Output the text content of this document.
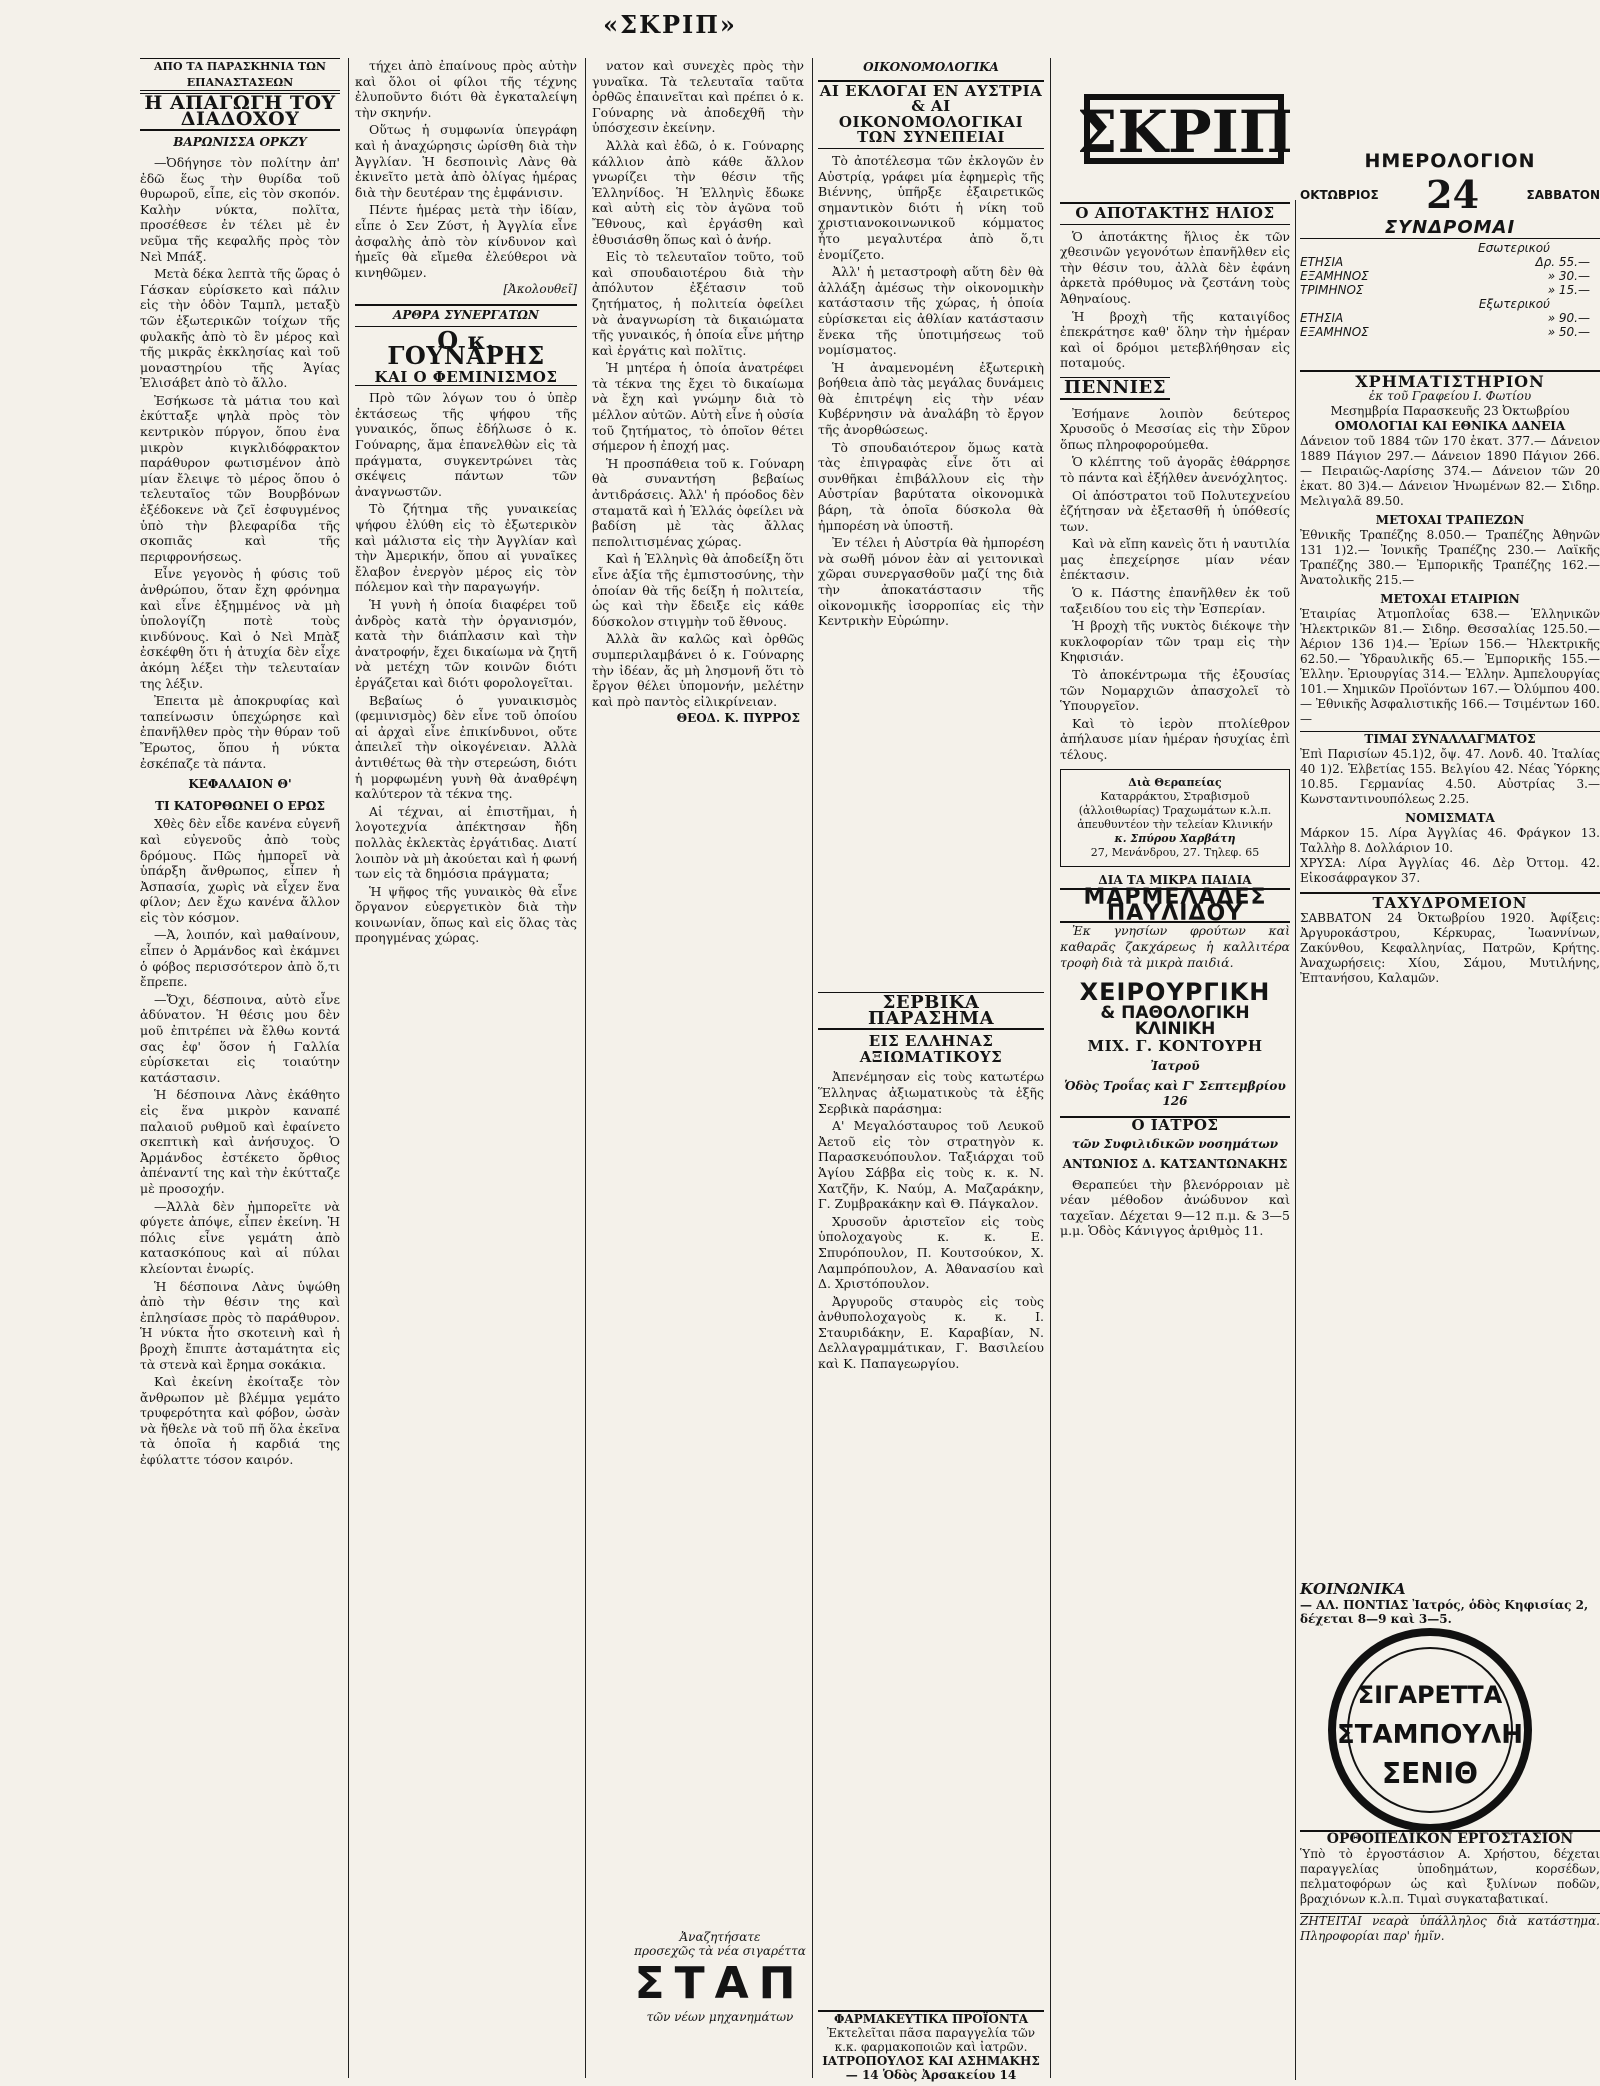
«ΣΚΡΙΠ»
ΑΠΟ ΤΑ ΠΑΡΑΣΚΗΝΙΑ ΤΩΝ ΕΠΑΝΑΣΤΑΣΕΩΝ
Η ΑΠΑΓΩΓΗ ΤΟΥ ΔΙΑΔΟΧΟΥ
ΒΑΡΩΝΙΣΣΑ ΟΡΚΖΥ

—Ὀδήγησε τὸν πολίτην ἀπ' ἐδῶ ἕως τὴν θυρίδα τοῦ θυρωροῦ, εἶπε, εἰς τὸν σκοπόν. Καλὴν νύκτα, πολῖτα, προσέθεσε ἐν τέλει μὲ ἐν νεῦμα τῆς κεφαλῆς πρὸς τὸν Νεὶ Μπάξ.

Μετὰ δέκα λεπτὰ τῆς ὥρας ὁ Γάσκαν εὑρίσκετο καὶ πάλιν εἰς τὴν ὁδὸν Ταμπλ, μεταξὺ τῶν ἐξωτερικῶν τοίχων τῆς φυλακῆς ἀπὸ τὸ ἓν μέρος καὶ τῆς μικρᾶς ἐκκλησίας καὶ τοῦ μοναστηρίου τῆς Ἁγίας Ἐλισάβετ ἀπὸ τὸ ἄλλο.

Ἐσήκωσε τὰ μάτια του καὶ ἐκύτταξε ψηλὰ πρὸς τὸν κεντρικὸν πύργον, ὅπου ἐνα μικρὸν κιγκλιδόφρακτον παράθυρον φωτισμένον ἀπὸ μίαν ἔλειψε τὸ μέρος ὅπου ὁ τελευταῖος τῶν Βουρβόνων ἐξέδοκενε νὰ ζεῖ ἐσφυγμένος ὑπὸ τὴν βλεφαρίδα τῆς σκοπιᾶς καὶ τῆς περιφρονήσεως.

Εἶνε γεγονὸς ἡ φύσις τοῦ ἀνθρώπου, ὅταν ἔχη φρόνημα καὶ εἶνε ἐξημμένος νὰ μὴ ὑπολογίζη ποτὲ τοὺς κινδύνους. Καὶ ὁ Νεὶ Μπὰξ ἐσκέφθη ὅτι ἡ ἀτυχία δὲν εἶχε ἀκόμη λέξει τὴν τελευταίαν της λέξιν.

Ἐπειτα μὲ ἀποκρυφίας καὶ ταπείνωσιν ὑπεχώρησε καὶ ἐπανῆλθεν πρὸς τὴν θύραν τοῦ Ἔρωτος, ὅπου ἡ νύκτα ἐσκέπαζε τὰ πάντα.

ΚΕΦΑΛΑΙΟΝ Θ'
ΤΙ ΚΑΤΟΡΘΩΝΕΙ Ο ΕΡΩΣ

Χθὲς δὲν εἶδε κανένα εὐγενῆ καὶ εὐγενοῦς ἀπὸ τοὺς δρόμους. Πῶς ἠμπορεῖ νὰ ὑπάρξη ἄνθρωπος, εἶπεν ἡ Ἀσπασία, χωρὶς νὰ εἶχεν ἕνα φίλον; Δεν ἔχω κανένα ἄλλον εἰς τὸν κόσμον.

—Ἀ, λοιπόν, καὶ μαθαίνουν, εἶπεν ὁ Ἀρμάνδος καὶ ἐκάμνει ὁ φόβος περισσότερον ἀπὸ ὅ,τι ἔπρεπε.

—Ὄχι, δέσποινα, αὐτὸ εἶνε ἀδύνατον. Ἡ θέσις μου δὲν μοῦ ἐπιτρέπει νὰ ἔλθω κοντά σας ἐφ' ὅσον ἡ Γαλλία εὑρίσκεται εἰς τοιαύτην κατάστασιν.

Ἡ δέσποινα Λὰνς ἐκάθητο εἰς ἕνα μικρὸν καναπέ παλαιοῦ ρυθμοῦ καὶ ἐφαίνετο σκεπτικὴ καὶ ἀνήσυχος. Ὁ Ἀρμάνδος ἐστέκετο ὄρθιος ἀπέναντί της καὶ τὴν ἐκύτταζε μὲ προσοχήν.

—Ἀλλὰ δὲν ἠμπορεῖτε νὰ φύγετε ἀπόψε, εἶπεν ἐκείνη. Ἡ πόλις εἶνε γεμάτη ἀπὸ κατασκόπους καὶ αἱ πύλαι κλείονται ἐνωρίς.

Ἡ δέσποινα Λὰνς ὑψώθη ἀπὸ τὴν θέσιν της καὶ ἐπλησίασε πρὸς τὸ παράθυρον. Ἡ νύκτα ἦτο σκοτεινὴ καὶ ἡ βροχὴ ἔπιπτε ἀσταμάτητα εἰς τὰ στενὰ καὶ ἔρημα σοκάκια.

Καὶ ἐκείνη ἐκοίταξε τὸν ἄνθρωπον μὲ βλέμμα γεμάτο τρυφερότητα καὶ φόβον, ὡσὰν νὰ ἤθελε νὰ τοῦ πῆ ὅλα ἐκεῖνα τὰ ὁποῖα ἡ καρδιά της ἐφύλαττε τόσον καιρόν.

τήχει ἀπὸ ἐπαίνους πρὸς αὐτὴν καὶ ὅλοι οἱ φίλοι τῆς τέχνης ἐλυποῦντο διότι θὰ ἐγκαταλείψη τὴν σκηνήν.

Οὕτως ἡ συμφωνία ὑπεγράφη καὶ ἡ ἀναχώρησις ὡρίσθη διὰ τὴν Ἀγγλίαν. Ἡ δεσποινὶς Λὰνς θὰ ἐκινεῖτο μετὰ ἀπὸ ὀλίγας ἡμέρας διὰ τὴν δευτέραν της ἐμφάνισιν.

Πέντε ἡμέρας μετὰ τὴν ἰδίαν, εἶπε ὁ Σεν Ζύστ, ἡ Ἀγγλία εἶνε ἀσφαλὴς ἀπὸ τὸν κίνδυνον καὶ ἡμεῖς θὰ εἴμεθα ἐλεύθεροι νὰ κινηθῶμεν.

[Ἀκολουθεῖ]
ΑΡΘΡΑ ΣΥΝΕΡΓΑΤΩΝ
Ο κ. ΓΟΥΝΑΡΗΣ
ΚΑΙ Ο ΦΕΜΙΝΙΣΜΟΣ

Πρὸ τῶν λόγων του ὁ ὑπὲρ ἐκτάσεως τῆς ψήφου τῆς γυναικός, ὅπως ἐδήλωσε ὁ κ. Γούναρης, ἅμα ἐπανελθὼν εἰς τὰ πράγματα, συγκεντρώνει τὰς σκέψεις πάντων τῶν ἀναγνωστῶν.

Τὸ ζήτημα τῆς γυναικείας ψήφου ἐλύθη εἰς τὸ ἐξωτερικὸν καὶ μάλιστα εἰς τὴν Ἀγγλίαν καὶ τὴν Ἀμερικήν, ὅπου αἱ γυναῖκες ἔλαβον ἐνεργὸν μέρος εἰς τὸν πόλεμον καὶ τὴν παραγωγήν.

Ἡ γυνὴ ἡ ὁποία διαφέρει τοῦ ἀνδρὸς κατὰ τὴν ὀργανισμόν, κατὰ τὴν διάπλασιν καὶ τὴν ἀνατροφήν, ἔχει δικαίωμα νὰ ζητῆ νὰ μετέχη τῶν κοινῶν διότι ἐργάζεται καὶ διότι φορολογεῖται.

Βεβαίως ὁ γυναικισμὸς (φεμινισμὸς) δὲν εἶνε τοῦ ὁποίου αἱ ἀρχαὶ εἶνε ἐπικίνδυνοι, οὔτε ἀπειλεῖ τὴν οἰκογένειαν. Ἀλλὰ ἀντιθέτως θὰ τὴν στερεώση, διότι ἡ μορφωμένη γυνὴ θὰ ἀναθρέψη καλύτερον τὰ τέκνα της.

Αἱ τέχναι, αἱ ἐπιστῆμαι, ἡ λογοτεχνία ἀπέκτησαν ἤδη πολλὰς ἐκλεκτὰς ἐργάτιδας. Διατί λοιπὸν νὰ μὴ ἀκούεται καὶ ἡ φωνή των εἰς τὰ δημόσια πράγματα;

Ἡ ψῆφος τῆς γυναικὸς θὰ εἶνε ὄργανον εὐεργετικὸν διὰ τὴν κοινωνίαν, ὅπως καὶ εἰς ὅλας τὰς προηγμένας χώρας.

νατον καὶ συνεχὲς πρὸς τὴν γυναῖκα. Τὰ τελευταῖα ταῦτα ὀρθῶς ἐπαινεῖται καὶ πρέπει ὁ κ. Γούναρης νὰ ἀποδεχθῆ τὴν ὑπόσχεσιν ἐκείνην.

Ἀλλὰ καὶ ἐδῶ, ὁ κ. Γούναρης κάλλιον ἀπὸ κάθε ἄλλον γνωρίζει τὴν θέσιν τῆς Ἑλληνίδος. Ἡ Ἑλληνὶς ἔδωκε καὶ αὐτὴ εἰς τὸν ἀγῶνα τοῦ Ἔθνους, καὶ ἐργάσθη καὶ ἐθυσιάσθη ὅπως καὶ ὁ ἀνήρ.

Εἰς τὸ τελευταῖον τοῦτο, τοῦ καὶ σπουδαιοτέρου διὰ τὴν ἀπόλυτον ἐξέτασιν τοῦ ζητήματος, ἡ πολιτεία ὀφείλει νὰ ἀναγνωρίση τὰ δικαιώματα τῆς γυναικός, ἡ ὁποία εἶνε μήτηρ καὶ ἐργάτις καὶ πολῖτις.

Ἡ μητέρα ἡ ὁποία ἀνατρέφει τὰ τέκνα της ἔχει τὸ δικαίωμα νὰ ἔχη καὶ γνώμην διὰ τὸ μέλλον αὐτῶν. Αὐτὴ εἶνε ἡ οὐσία τοῦ ζητήματος, τὸ ὁποῖον θέτει σήμερον ἡ ἐποχή μας.

Ἡ προσπάθεια τοῦ κ. Γούναρη θὰ συναντήση βεβαίως ἀντιδράσεις. Ἀλλ' ἡ πρόοδος δὲν σταματᾶ καὶ ἡ Ἑλλάς ὀφείλει νὰ βαδίση μὲ τὰς ἄλλας πεπολιτισμένας χώρας.

Καὶ ἡ Ἑλληνὶς θὰ ἀποδείξη ὅτι εἶνε ἀξία τῆς ἐμπιστοσύνης, τὴν ὁποίαν θὰ τῆς δείξη ἡ πολιτεία, ὡς καὶ τὴν ἔδειξε εἰς κάθε δύσκολον στιγμὴν τοῦ ἔθνους.

Ἀλλὰ ἂν καλῶς καὶ ὀρθῶς συμπεριλαμβάνει ὁ κ. Γούναρης τὴν ἰδέαν, ἄς μὴ λησμονῆ ὅτι τὸ ἔργον θέλει ὑπομονήν, μελέτην καὶ πρὸ παντὸς εἰλικρίνειαν.

ΘΕΟΔ. Κ. ΠΥΡΡΟΣ
Ἀναζητήσατε
προσεχῶς τὰ νέα σιγαρέττα
ΣΤΑΠ
τῶν νέων μηχανημάτων
ΟΙΚΟΝΟΜΟΛΟΓΙΚΑ
ΑΙ ΕΚΛΟΓΑΙ ΕΝ ΑΥΣΤΡΙΑ & ΑΙ ΟΙΚΟΝΟΜΟΛΟΓΙΚΑΙ ΤΩΝ ΣΥΝΕΠΕΙΑΙ

Τὸ ἀποτέλεσμα τῶν ἐκλογῶν ἐν Αὐστρίᾳ, γράφει μία ἐφημερὶς τῆς Βιέννης, ὑπῆρξε ἐξαιρετικῶς σημαντικὸν διότι ἡ νίκη τοῦ χριστιανοκοινωνικοῦ κόμματος ἦτο μεγαλυτέρα ἀπὸ ὅ,τι ἐνομίζετο.

Ἀλλ' ἡ μεταστροφὴ αὕτη δὲν θὰ ἀλλάξη ἀμέσως τὴν οἰκονομικὴν κατάστασιν τῆς χώρας, ἡ ὁποία εὑρίσκεται εἰς ἀθλίαν κατάστασιν ἕνεκα τῆς ὑποτιμήσεως τοῦ νομίσματος.

Ἡ ἀναμενομένη ἐξωτερικὴ βοήθεια ἀπὸ τὰς μεγάλας δυνάμεις θὰ ἐπιτρέψη εἰς τὴν νέαν Κυβέρνησιν νὰ ἀναλάβη τὸ ἔργον τῆς ἀνορθώσεως.

Τὸ σπουδαιότερον ὅμως κατὰ τὰς ἐπιγραφὰς εἶνε ὅτι αἱ συνθῆκαι ἐπιβάλλουν εἰς τὴν Αὐστρίαν βαρύτατα οἰκονομικὰ βάρη, τὰ ὁποῖα δύσκολα θὰ ἠμπορέση νὰ ὑποστῆ.

Ἐν τέλει ἡ Αὐστρία θὰ ἠμπορέση νὰ σωθῆ μόνον ἐὰν αἱ γειτονικαὶ χῶραι συνεργασθοῦν μαζί της διὰ τὴν ἀποκατάστασιν τῆς οἰκονομικῆς ἰσορροπίας εἰς τὴν Κεντρικὴν Εὐρώπην.

ΣΕΡΒΙΚΑ ΠΑΡΑΣΗΜΑ
ΕΙΣ ΕΛΛΗΝΑΣ ΑΞΙΩΜΑΤΙΚΟΥΣ

Ἀπενέμησαν εἰς τοὺς κατωτέρω Ἕλληνας ἀξιωματικοὺς τὰ ἑξῆς Σερβικὰ παράσημα:

Α' Μεγαλόσταυρος τοῦ Λευκοῦ Ἀετοῦ εἰς τὸν στρατηγὸν κ. Παρασκευόπουλον. Ταξιάρχαι τοῦ Ἁγίου Σάββα εἰς τοὺς κ. κ. Ν. Χατζῆν, Κ. Ναύμ, Α. Μαζαράκην, Γ. Ζυμβρακάκην καὶ Θ. Πάγκαλον.

Χρυσοῦν ἀριστεῖον εἰς τοὺς ὑπολοχαγοὺς κ. κ. Ε. Σπυρόπουλον, Π. Κουτσούκον, Χ. Λαμπρόπουλον, Α. Ἀθανασίου καὶ Δ. Χριστόπουλον.

Ἀργυροῦς σταυρὸς εἰς τοὺς ἀνθυπολοχαγοὺς κ. κ. Ι. Σταυριδάκην, Ε. Καραβίαν, Ν. Δελλαγραμμάτικαν, Γ. Βασιλείου καὶ Κ. Παπαγεωργίου.

ΦΑΡΜΑΚΕΥΤΙΚΑ ΠΡΟΪΟΝΤΑ
Ἐκτελεῖται πᾶσα παραγγελία τῶν κ.κ. φαρμακοποιῶν καὶ ἰατρῶν.
ΙΑΤΡΟΠΟΥΛΟΣ ΚΑΙ ΑΣΗΜΑΚΗΣ — 14 Ὁδὸς Ἀρσακείου 14
ΣΚΡΙΠ	ΗΜΕΡΟΛΟΓΙΟΝ
ΟΚΤΩΒΡΙΟΣ 24	ΣΑΒΒΑΤΟΝ
ΣΥΝΔΡΟΜΑΙ
Εσωτερικού
ΕΤΗΣΙΑ	Δρ. 55.—
ΕΞΑΜΗΝΟΣ	» 30.—
ΤΡΙΜΗΝΟΣ	» 15.—
Εξωτερικού
ΕΤΗΣΙΑ	» 90.—
ΕΞΑΜΗΝΟΣ	» 50.—
Ο ΑΠΟΤΑΚΤΗΣ ΗΛΙΟΣ

Ὁ ἀποτάκτης ἥλιος ἐκ τῶν χθεσινῶν γεγονότων ἐπανῆλθεν εἰς τὴν θέσιν του, ἀλλὰ δὲν ἐφάνη ἀρκετὰ πρόθυμος νὰ ζεστάνη τοὺς Ἀθηναίους.

Ἡ βροχὴ τῆς καταιγίδος ἐπεκράτησε καθ' ὅλην τὴν ἡμέραν καὶ οἱ δρόμοι μετεβλήθησαν εἰς ποταμούς.

ΠΕΝΝΙΕΣ

Ἐσήμανε λοιπὸν δεύτερος Χρυσοῦς ὁ Μεσσίας εἰς τὴν Σῦρον ὅπως πληροφορούμεθα.

Ὁ κλέπτης τοῦ ἀγορᾶς ἐθάρρησε τὸ πάντα καὶ ἐξήλθεν ἀνενόχλητος.

Οἱ ἀπόστρατοι τοῦ Πολυτεχνείου ἐζήτησαν νὰ ἐξετασθῆ ἡ ὑπόθεσίς των.

Καὶ νὰ εἴπη κανεὶς ὅτι ἡ ναυτιλία μας ἐπεχείρησε μίαν νέαν ἐπέκτασιν.

Ὁ κ. Πάστης ἐπανῆλθεν ἐκ τοῦ ταξειδίου του εἰς τὴν Ἑσπερίαν.

Ἡ βροχὴ τῆς νυκτὸς διέκοψε τὴν κυκλοφορίαν τῶν τραμ εἰς τὴν Κηφισιάν.

Τὸ ἀποκέντρωμα τῆς ἐξουσίας τῶν Νομαρχιῶν ἀπασχολεῖ τὸ Ὑπουργεῖον.

Καὶ τὸ ἱερὸν πτολίεθρον ἀπήλαυσε μίαν ἡμέραν ἡσυχίας ἐπὶ τέλους.

Διὰ Θεραπείας
Καταρράκτου, Στραβισμοῦ (ἀλλοιθωρίας) Τραχωμάτων κ.λ.π. ἀπευθυντέον τὴν τελείαν Κλινικήν
κ. Σπύρου Χαρβάτη
27, Μενάνδρου, 27. Τηλεφ. 65
ΔΙΑ ΤΑ ΜΙΚΡΑ ΠΑΙΔΙΑ
ΜΑΡΜΕΛΑΔΕΣ ΠΑΥΛΙΔΟΥ

Ἐκ γνησίων φρούτων καὶ καθαρᾶς ζακχάρεως ἡ καλλιτέρα τροφὴ διὰ τὰ μικρὰ παιδιά.

ΧΕΙΡΟΥΡΓΙΚΗ
& ΠΑΘΟΛΟΓΙΚΗ ΚΛΙΝΙΚΗ
ΜΙΧ. Γ. ΚΟΝΤΟΥΡΗ
Ἰατροῦ
Ὁδὸς Τροΐας καὶ Γ' Σεπτεμβρίου 126
Ο ΙΑΤΡΟΣ
τῶν Συφιλιδικῶν νοσημάτων
ΑΝΤΩΝΙΟΣ Δ. ΚΑΤΣΑΝΤΩΝΑΚΗΣ

Θεραπεύει τὴν βλενόρροιαν μὲ νέαν μέθοδον ἀνώδυνον καὶ ταχεῖαν. Δέχεται 9—12 π.μ. & 3—5 μ.μ. Ὁδὸς Κάνιγγος ἀριθμὸς 11.

ΧΡΗΜΑΤΙΣΤΗΡΙΟΝ
ἐκ τοῦ Γραφείου Ι. Φωτίου
Μεσημβρία Παρασκευῆς 23 Ὀκτωβρίου
ΟΜΟΛΟΓΙΑΙ ΚΑΙ ΕΘΝΙΚΑ ΔΑΝΕΙΑ
Δάνειον τοῦ 1884 τῶν 170 ἑκατ. 377.— Δάνειον 1889 Πάγιον 297.— Δάνειον 1890 Πάγιον 266.— Πειραιῶς-Λαρίσης 374.— Δάνειον τῶν 20 ἑκατ. 80 3)4.— Δάνειον Ἠνωμένων 82.— Σιδηρ. Μελιγαλᾶ 89.50.
ΜΕΤΟΧΑΙ ΤΡΑΠΕΖΩΝ
Ἐθνικῆς Τραπέζης 8.050.— Τραπέζης Ἀθηνῶν 131 1)2.— Ἰονικῆς Τραπέζης 230.— Λαϊκῆς Τραπέζης 380.— Ἐμπορικῆς Τραπέζης 162.— Ἀνατολικῆς 215.—
ΜΕΤΟΧΑΙ ΕΤΑΙΡΙΩΝ
Ἑταιρίας Ἀτμοπλοΐας 638.— Ἑλληνικῶν Ἠλεκτρικῶν 81.— Σιδηρ. Θεσσαλίας 125.50.— Ἀέριον 136 1)4.— Ἐρίων 156.— Ἠλεκτρικῆς 62.50.— Ὑδραυλικῆς 65.— Ἐμπορικῆς 155.— Ἑλλην. Ἐριουργίας 314.— Ἑλλην. Ἀμπελουργίας 101.— Χημικῶν Προϊόντων 167.— Ὀλύμπου 400.— Ἐθνικῆς Ἀσφαλιστικῆς 166.— Τσιμέντων 160.—
ΤΙΜΑΙ ΣΥΝΑΛΛΑΓΜΑΤΟΣ
Ἐπὶ Παρισίων 45.1)2, ὄψ. 47. Λονδ. 40. Ἰταλίας 40 1)2. Ἑλβετίας 155. Βελγίου 42. Νέας Ὑόρκης 10.85. Γερμανίας 4.50. Αὐστρίας 3.— Κωνσταντινουπόλεως 2.25.
ΝΟΜΙΣΜΑΤΑ
Μάρκον 15. Λίρα Ἀγγλίας 46. Φράγκον 13. Ταλλὴρ 8. Δολλάριον 10.
ΧΡΥΣΑ: Λίρα Ἀγγλίας 46. Δὲρ Ὀττομ. 42. Εἰκοσάφραγκον 37.
ΤΑΧΥΔΡΟΜΕΙΟΝ
ΣΑΒΒΑΤΟΝ 24 Ὀκτωβρίου 1920. Ἀφίξεις: Ἀργυροκάστρου, Κέρκυρας, Ἰωαννίνων, Ζακύνθου, Κεφαλληνίας, Πατρῶν, Κρήτης. Ἀναχωρήσεις: Χίου, Σάμου, Μυτιλήνης, Ἐπτανήσου, Καλαμῶν.
ΚΟΙΝΩΝΙΚΑ
— ΑΛ. ΠΟΝΤΙΑΣ Ἰατρός, ὁδὸς Κηφισίας 2, δέχεται 8—9 καὶ 3—5.
ΣΙΓΑΡΕΤΤΑ
ΣΤΑΜΠΟΥΛΗ
ΣΕΝΙΘ
ΟΡΘΟΠΕΔΙΚΟΝ ΕΡΓΟΣΤΑΣΙΟΝ
Ὑπὸ τὸ ἐργοστάσιον Α. Χρήστου, δέχεται παραγγελίας ὑποδημάτων, κορσέδων, πελματοφόρων ὡς καὶ ξυλίνων ποδῶν, βραχιόνων κ.λ.π. Τιμαὶ συγκαταβατικαί.
ΖΗΤΕΙΤΑΙ νεαρὰ ὑπάλληλος διὰ κατάστημα. Πληροφορίαι παρ' ἡμῖν.
